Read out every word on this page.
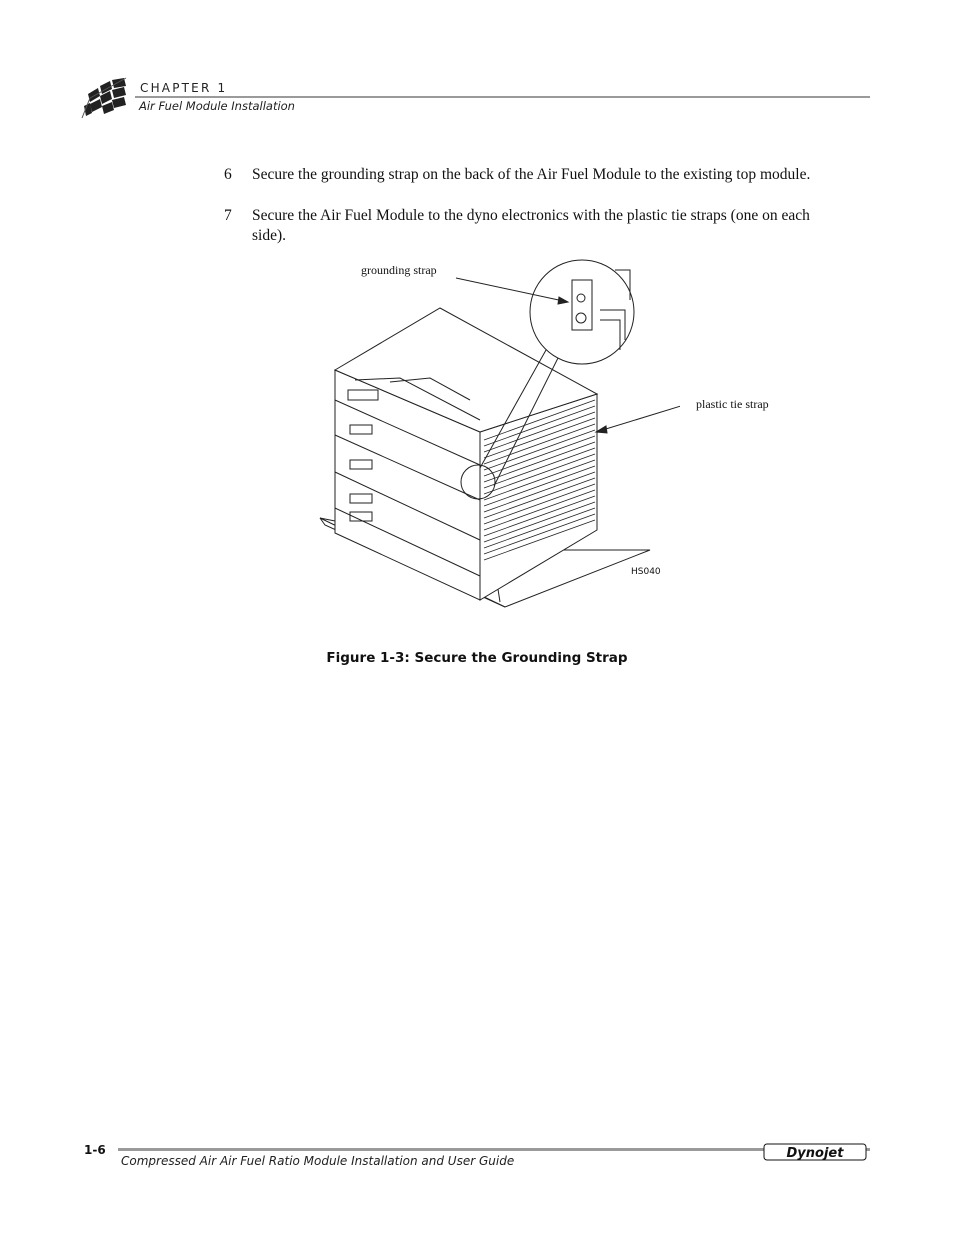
CHAPTER 1
Air Fuel Module Installation
6 Secure the grounding strap on the back of the Air Fuel Module to the existing top module.
7 Secure the Air Fuel Module to the dyno electronics with the plastic tie straps (one on each side).
grounding strap
plastic tie strap
HS040
Figure 1-3: Secure the Grounding Strap
1-6
Compressed Air Air Fuel Ratio Module Installation and User Guide	Dynojet
